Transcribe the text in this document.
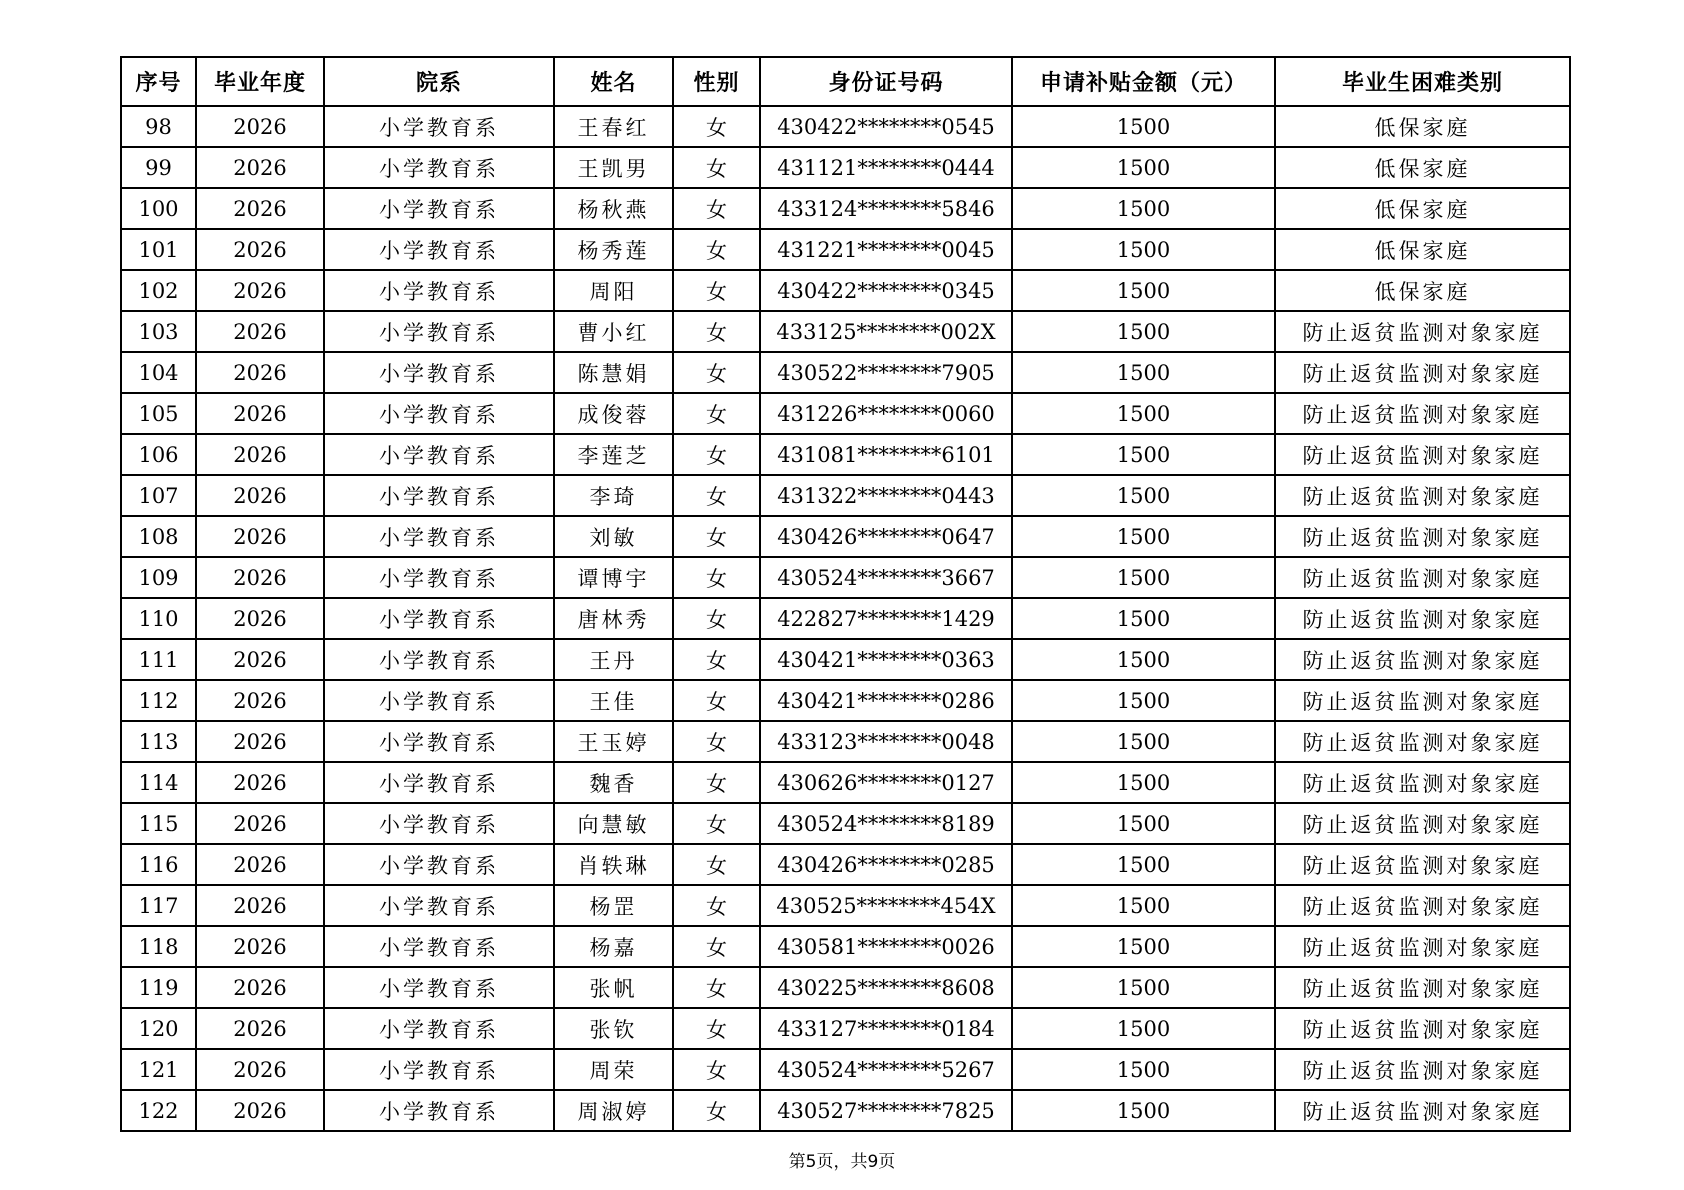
序号	毕业年度	院系	姓名	性别	身份证号码	申请补贴金额（元）	毕业生困难类别
98	2026	小学教育系	王春红	女	430422********0545	1500	低保家庭
99	2026	小学教育系	王凯男	女	431121********0444	1500	低保家庭
100	2026	小学教育系	杨秋燕	女	433124********5846	1500	低保家庭
101	2026	小学教育系	杨秀莲	女	431221********0045	1500	低保家庭
102	2026	小学教育系	周阳	女	430422********0345	1500	低保家庭
103	2026	小学教育系	曹小红	女	433125********002X	1500	防止返贫监测对象家庭
104	2026	小学教育系	陈慧娟	女	430522********7905	1500	防止返贫监测对象家庭
105	2026	小学教育系	成俊蓉	女	431226********0060	1500	防止返贫监测对象家庭
106	2026	小学教育系	李莲芝	女	431081********6101	1500	防止返贫监测对象家庭
107	2026	小学教育系	李琦	女	431322********0443	1500	防止返贫监测对象家庭
108	2026	小学教育系	刘敏	女	430426********0647	1500	防止返贫监测对象家庭
109	2026	小学教育系	谭博宇	女	430524********3667	1500	防止返贫监测对象家庭
110	2026	小学教育系	唐林秀	女	422827********1429	1500	防止返贫监测对象家庭
111	2026	小学教育系	王丹	女	430421********0363	1500	防止返贫监测对象家庭
112	2026	小学教育系	王佳	女	430421********0286	1500	防止返贫监测对象家庭
113	2026	小学教育系	王玉婷	女	433123********0048	1500	防止返贫监测对象家庭
114	2026	小学教育系	魏香	女	430626********0127	1500	防止返贫监测对象家庭
115	2026	小学教育系	向慧敏	女	430524********8189	1500	防止返贫监测对象家庭
116	2026	小学教育系	肖轶琳	女	430426********0285	1500	防止返贫监测对象家庭
117	2026	小学教育系	杨罡	女	430525********454X	1500	防止返贫监测对象家庭
118	2026	小学教育系	杨嘉	女	430581********0026	1500	防止返贫监测对象家庭
119	2026	小学教育系	张帆	女	430225********8608	1500	防止返贫监测对象家庭
120	2026	小学教育系	张钦	女	433127********0184	1500	防止返贫监测对象家庭
121	2026	小学教育系	周荣	女	430524********5267	1500	防止返贫监测对象家庭
122	2026	小学教育系	周淑婷	女	430527********7825	1500	防止返贫监测对象家庭
第5页，共9页
